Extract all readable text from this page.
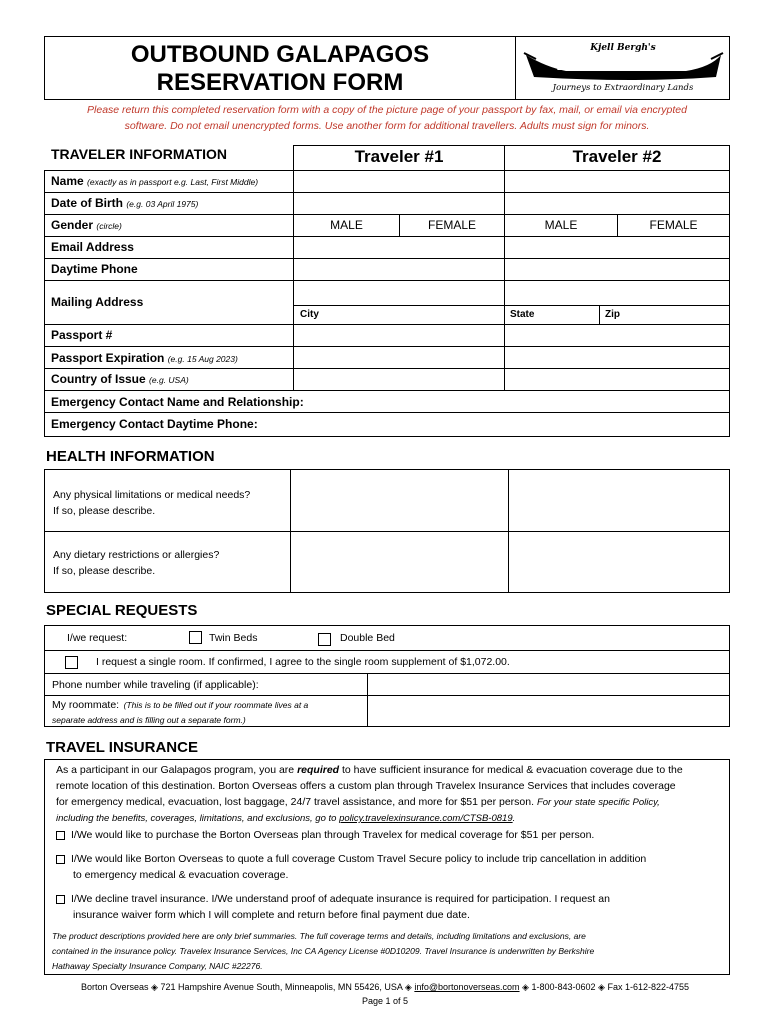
OUTBOUND GALAPAGOS
RESERVATION FORM
Kjell Bergh's
BORTON OVERSEAS
Journeys to Extraordinary Lands
Please return this completed reservation form with a copy of the picture page of your passport by fax, mail, or email via encrypted
software. Do not email unencrypted forms. Use another form for additional travellers. Adults must sign for minors.
TRAVELER INFORMATION	Traveler #1	Traveler #2
Name (exactly as in passport e.g. Last, First Middle)
Date of Birth (e.g. 03 April 1975)
Gender (circle)	MALE	FEMALE	MALE	FEMALE
Email Address
Daytime Phone
Mailing Address
City	State	Zip
Passport #
Passport Expiration (e.g. 15 Aug 2023)
Country of Issue (e.g. USA)
Emergency Contact Name and Relationship:
Emergency Contact Daytime Phone:
HEALTH INFORMATION
Any physical limitations or medical needs?
If so, please describe.
Any dietary restrictions or allergies?
If so, please describe.
SPECIAL REQUESTS
I/we request:	Twin Beds	Double Bed
I request a single room. If confirmed, I agree to the single room supplement of $1,072.00.
Phone number while traveling (if applicable):
My roommate: (This is to be filled out if your roommate lives at a
separate address and is filling out a separate form.)
TRAVEL INSURANCE
As a participant in our Galapagos program, you are required to have sufficient insurance for medical & evacuation coverage due to the
remote location of this destination. Borton Overseas offers a custom plan through Travelex Insurance Services that includes coverage
for emergency medical, evacuation, lost baggage, 24/7 travel assistance, and more for $51 per person. For your state specific Policy,
including the benefits, coverages, limitations, and exclusions, go to policy.travelexinsurance.com/CTSB-0819.
I/We would like to purchase the Borton Overseas plan through Travelex for medical coverage for $51 per person.
I/We would like Borton Overseas to quote a full coverage Custom Travel Secure policy to include trip cancellation in addition
to emergency medical & evacuation coverage.
I/We decline travel insurance. I/We understand proof of adequate insurance is required for participation. I request an
insurance waiver form which I will complete and return before final payment due date.
The product descriptions provided here are only brief summaries. The full coverage terms and details, including limitations and exclusions, are
contained in the insurance policy. Travelex Insurance Services, Inc CA Agency License #0D10209. Travel Insurance is underwritten by Berkshire
Hathaway Specialty Insurance Company, NAIC #22276.
Borton Overseas ◈ 721 Hampshire Avenue South, Minneapolis, MN 55426, USA ◈ info@bortonoverseas.com ◈ 1-800-843-0602 ◈ Fax 1-612-822-4755
Page 1 of 5
